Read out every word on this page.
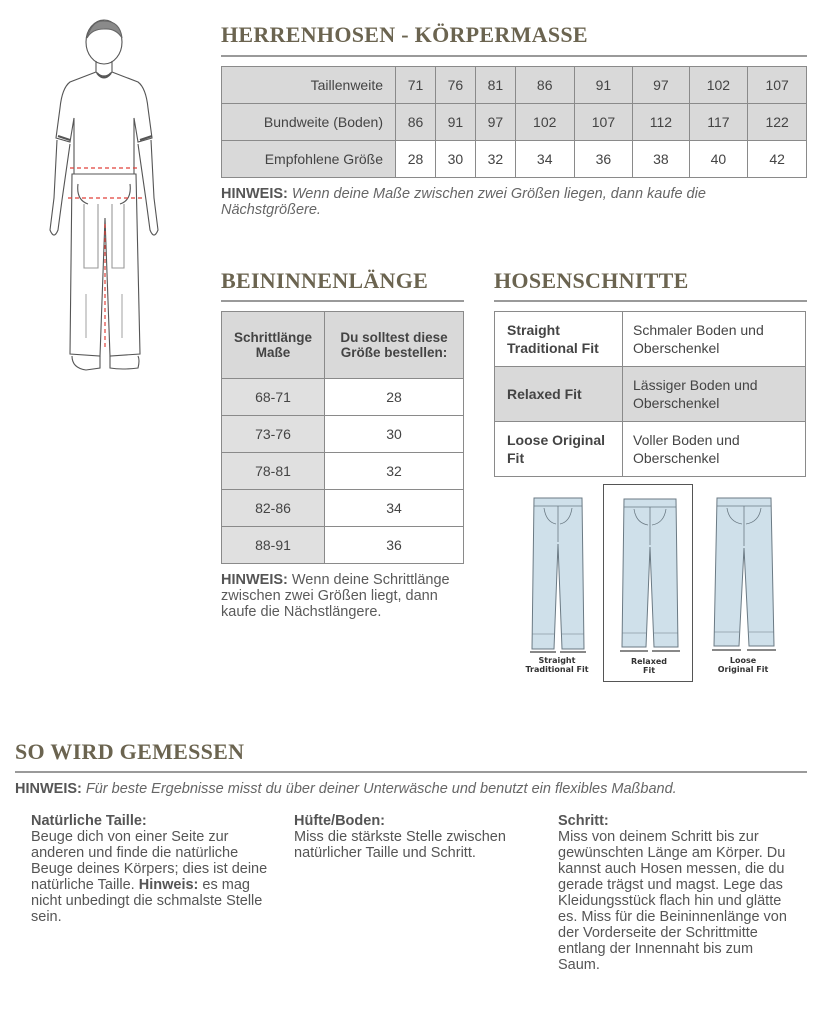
HERRENHOSEN - KÖRPERMASSE
Taillenweite	71	76	81	86	91	97	102	107
Bundweite (Boden)	86	91	97	102	107	112	117	122
Empfohlene Größe	28	30	32	34	36	38	40	42
HINWEIS: Wenn deine Maße zwischen zwei Größen liegen, dann kaufe die Nächstgrößere.
BEININNENLÄNGE
Schrittlänge Maße	Du solltest diese Größe bestellen:
68-71	28
73-76	30
78-81	32
82-86	34
88-91	36
HINWEIS: Wenn deine Schrittlänge zwischen zwei Größen liegt, dann kaufe die Nächstlängere.
HOSENSCHNITTE
Straight Traditional Fit	Schmaler Boden und Oberschenkel
Relaxed Fit	Lässiger Boden und Oberschenkel
Loose Original Fit	Voller Boden und Oberschenkel
Straight
Traditional Fit
Relaxed
Fit
Loose
Original Fit
SO WIRD GEMESSEN
HINWEIS: Für beste Ergebnisse misst du über deiner Unterwäsche und benutzt ein flexibles Maßband.
Natürliche Taille:
Beuge dich von einer Seite zur anderen und finde die natürliche Beuge deines Körpers; dies ist deine natürliche Taille. Hinweis: es mag nicht unbedingt die schmalste Stelle sein.
Hüfte/Boden:
Miss die stärkste Stelle zwischen natürlicher Taille und Schritt.
Schritt:
Miss von deinem Schritt bis zur gewünschten Länge am Körper. Du kannst auch Hosen messen, die du gerade trägst und magst. Lege das Kleidungsstück flach hin und glätte es. Miss für die Beininnenlänge von der Vorderseite der Schrittmitte entlang der Innennaht bis zum Saum.
